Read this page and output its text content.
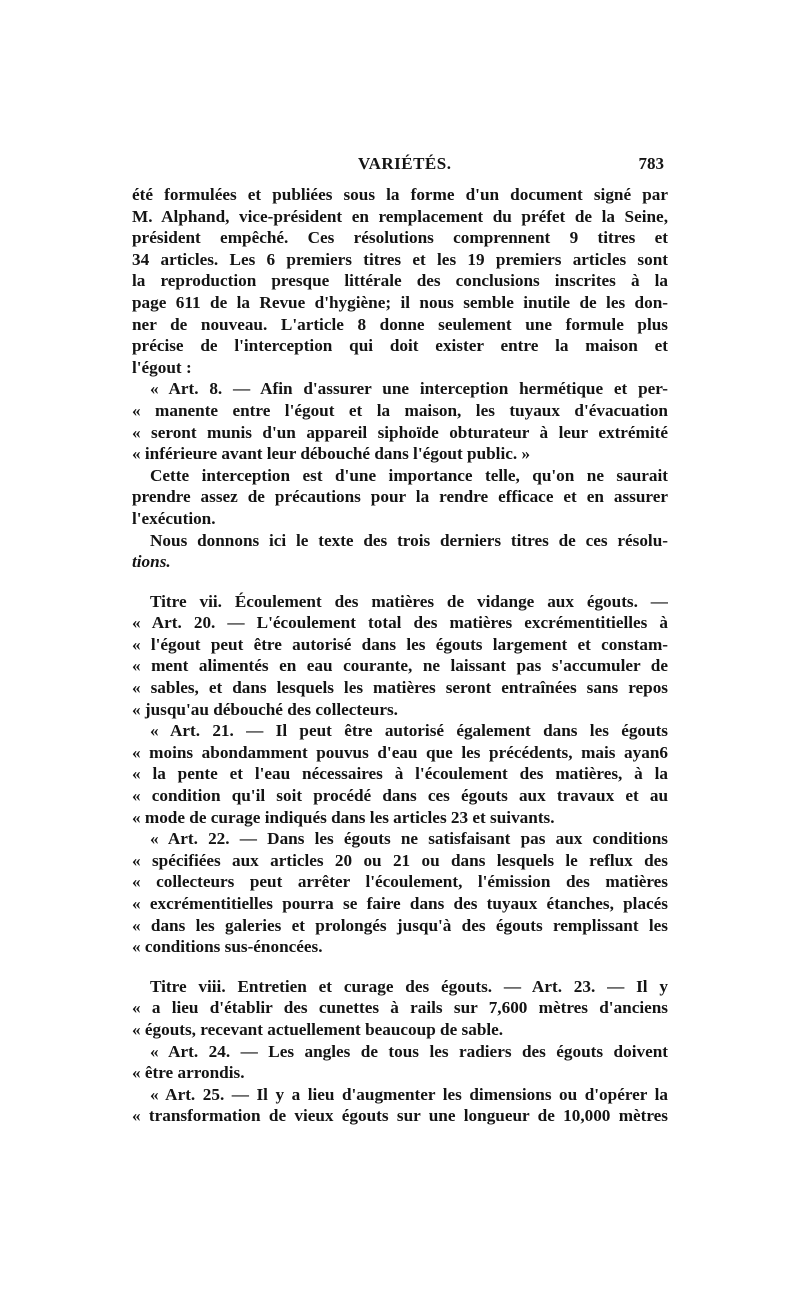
VARIÉTÉS.	783
été formulées et publiées sous la forme d'un document signé par
M. Alphand, vice-président en remplacement du préfet de la Seine,
président empêché. Ces résolutions comprennent 9 titres et
34 articles. Les 6 premiers titres et les 19 premiers articles sont
la reproduction presque littérale des conclusions inscrites à la
page 611 de la Revue d'hygiène; il nous semble inutile de les don-
ner de nouveau. L'article 8 donne seulement une formule plus
précise de l'interception qui doit exister entre la maison et
l'égout :
« Art. 8. — Afin d'assurer une interception hermétique et per-
« manente entre l'égout et la maison, les tuyaux d'évacuation
« seront munis d'un appareil siphoïde obturateur à leur extrémité
« inférieure avant leur débouché dans l'égout public. »
Cette interception est d'une importance telle, qu'on ne saurait
prendre assez de précautions pour la rendre efficace et en assurer
l'exécution.
Nous donnons ici le texte des trois derniers titres de ces résolu-
tions.
Titre vii. Écoulement des matières de vidange aux égouts. —
« Art. 20. — L'écoulement total des matières excrémentitielles à
« l'égout peut être autorisé dans les égouts largement et constam-
« ment alimentés en eau courante, ne laissant pas s'accumuler de
« sables, et dans lesquels les matières seront entraînées sans repos
« jusqu'au débouché des collecteurs.
« Art. 21. — Il peut être autorisé également dans les égouts
« moins abondamment pouvus d'eau que les précédents, mais ayan6
« la pente et l'eau nécessaires à l'écoulement des matières, à la
« condition qu'il soit procédé dans ces égouts aux travaux et au
« mode de curage indiqués dans les articles 23 et suivants.
« Art. 22. — Dans les égouts ne satisfaisant pas aux conditions
« spécifiées aux articles 20 ou 21 ou dans lesquels le reflux des
« collecteurs peut arrêter l'écoulement, l'émission des matières
« excrémentitielles pourra se faire dans des tuyaux étanches, placés
« dans les galeries et prolongés jusqu'à des égouts remplissant les
« conditions sus-énoncées.
Titre viii. Entretien et curage des égouts. — Art. 23. — Il y
« a lieu d'établir des cunettes à rails sur 7,600 mètres d'anciens
« égouts, recevant actuellement beaucoup de sable.
« Art. 24. — Les angles de tous les radiers des égouts doivent
« être arrondis.
« Art. 25. — Il y a lieu d'augmenter les dimensions ou d'opérer la
« transformation de vieux égouts sur une longueur de 10,000 mètres
